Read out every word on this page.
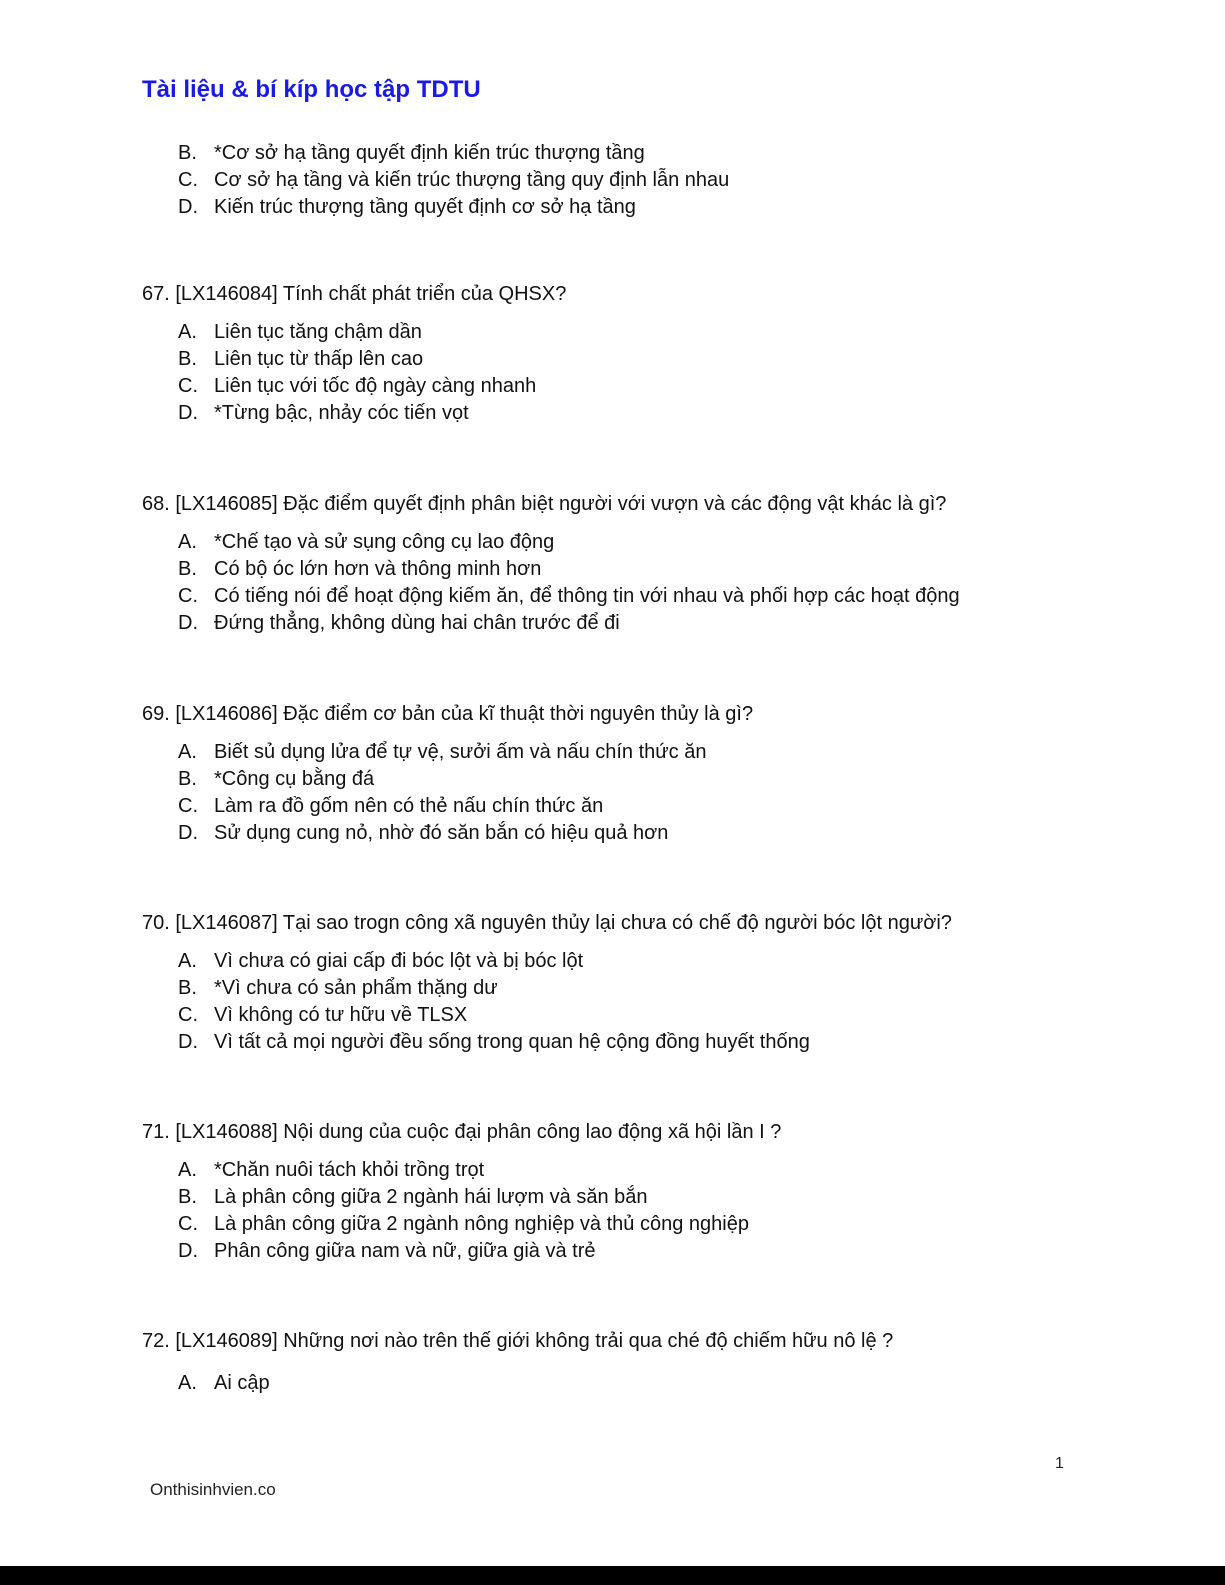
Tài liệu & bí kíp học tập TDTU
B. *Cơ sở hạ tầng quyết định kiến trúc thượng tầng
C. Cơ sở hạ tầng và kiến trúc thượng tầng quy định lẫn nhau
D. Kiến trúc thượng tầng quyết định cơ sở hạ tầng
67. [LX146084] Tính chất phát triển của QHSX?
A. Liên tục tăng chậm dần
B. Liên tục từ thấp lên cao
C. Liên tục với tốc độ ngày càng nhanh
D. *Từng bậc, nhảy cóc tiến vọt
68. [LX146085] Đặc điểm quyết định phân biệt người với vượn và các động vật khác là gì?
A. *Chế tạo và sử sụng công cụ lao động
B. Có bộ óc lớn hơn và thông minh hơn
C. Có tiếng nói để hoạt động kiếm ăn, để thông tin với nhau và phối hợp các hoạt động
D. Đứng thẳng, không dùng hai chân trước để đi
69. [LX146086] Đặc điểm cơ bản của kĩ thuật thời nguyên thủy là gì?
A. Biết sủ dụng lửa để tự vệ, sưởi ấm và nấu chín thức ăn
B. *Công cụ bằng đá
C. Làm ra đồ gốm nên có thẻ nấu chín thức ăn
D. Sử dụng cung nỏ, nhờ đó săn bắn có hiệu quả hơn
70. [LX146087] Tại sao trogn công xã nguyên thủy lại chưa có chế độ người bóc lột người?
A. Vì chưa có giai cấp đi bóc lột và bị bóc lột
B. *Vì chưa có sản phẩm thặng dư
C. Vì không có tư hữu về TLSX
D. Vì tất cả mọi người đều sống trong quan hệ cộng đồng huyết thống
71. [LX146088] Nội dung của cuộc đại phân công lao động xã hội lần I ?
A. *Chăn nuôi tách khỏi trồng trọt
B. Là phân công giữa 2 ngành hái lượm và săn bắn
C. Là phân công giữa 2 ngành nông nghiệp và thủ công nghiệp
D. Phân công giữa nam và nữ, giữa già và trẻ
72. [LX146089] Những nơi nào trên thế giới không trải qua ché độ chiếm hữu nô lệ ?
A. Ai cập
1
Onthisinhvien.co
